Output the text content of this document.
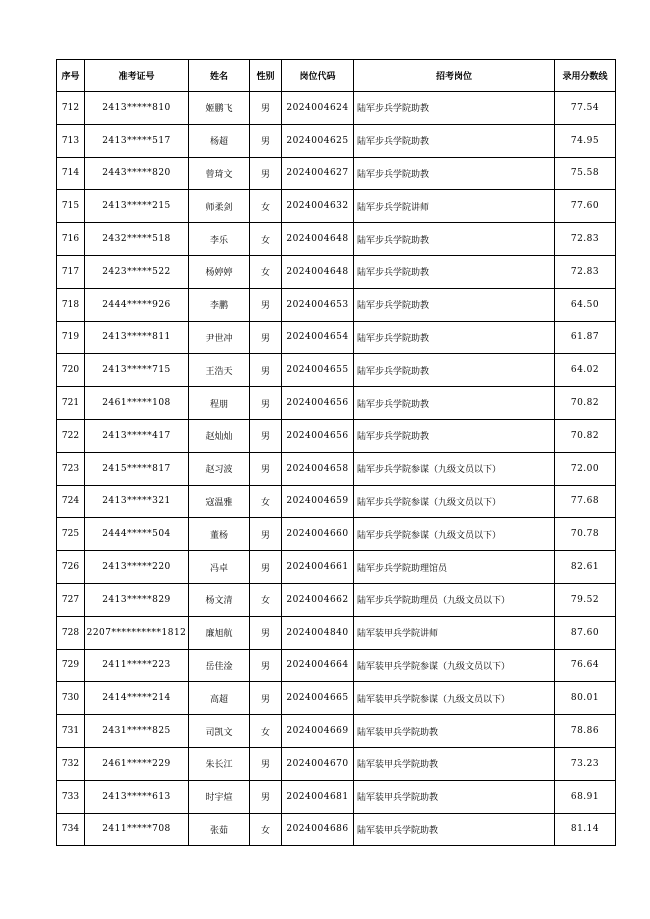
序号	准考证号	姓名	性别	岗位代码	招考岗位	录用分数线
712	2413*****810	姬鹏飞	男	2024004624	陆军步兵学院助教	77.54
713	2413*****517	杨超	男	2024004625	陆军步兵学院助教	74.95
714	2443*****820	曾琦文	男	2024004627	陆军步兵学院助教	75.58
715	2413*****215	师柔剑	女	2024004632	陆军步兵学院讲师	77.60
716	2432*****518	李乐	女	2024004648	陆军步兵学院助教	72.83
717	2423*****522	杨婷婷	女	2024004648	陆军步兵学院助教	72.83
718	2444*****926	李鹏	男	2024004653	陆军步兵学院助教	64.50
719	2413*****811	尹世冲	男	2024004654	陆军步兵学院助教	61.87
720	2413*****715	王浩天	男	2024004655	陆军步兵学院助教	64.02
721	2461*****108	程朋	男	2024004656	陆军步兵学院助教	70.82
722	2413*****417	赵灿灿	男	2024004656	陆军步兵学院助教	70.82
723	2415*****817	赵习波	男	2024004658	陆军步兵学院参谋（九级文员以下）	72.00
724	2413*****321	寇温雅	女	2024004659	陆军步兵学院参谋（九级文员以下）	77.68
725	2444*****504	董杨	男	2024004660	陆军步兵学院参谋（九级文员以下）	70.78
726	2413*****220	冯卓	男	2024004661	陆军步兵学院助理馆员	82.61
727	2413*****829	杨文清	女	2024004662	陆军步兵学院助理员（九级文员以下）	79.52
728	2207**********1812	廉旭航	男	2024004840	陆军装甲兵学院讲师	87.60
729	2411*****223	岳佳淦	男	2024004664	陆军装甲兵学院参谋（九级文员以下）	76.64
730	2414*****214	高超	男	2024004665	陆军装甲兵学院参谋（九级文员以下）	80.01
731	2431*****825	司凯文	女	2024004669	陆军装甲兵学院助教	78.86
732	2461*****229	朱长江	男	2024004670	陆军装甲兵学院助教	73.23
733	2413*****613	时宇煊	男	2024004681	陆军装甲兵学院助教	68.91
734	2411*****708	张茹	女	2024004686	陆军装甲兵学院助教	81.14
